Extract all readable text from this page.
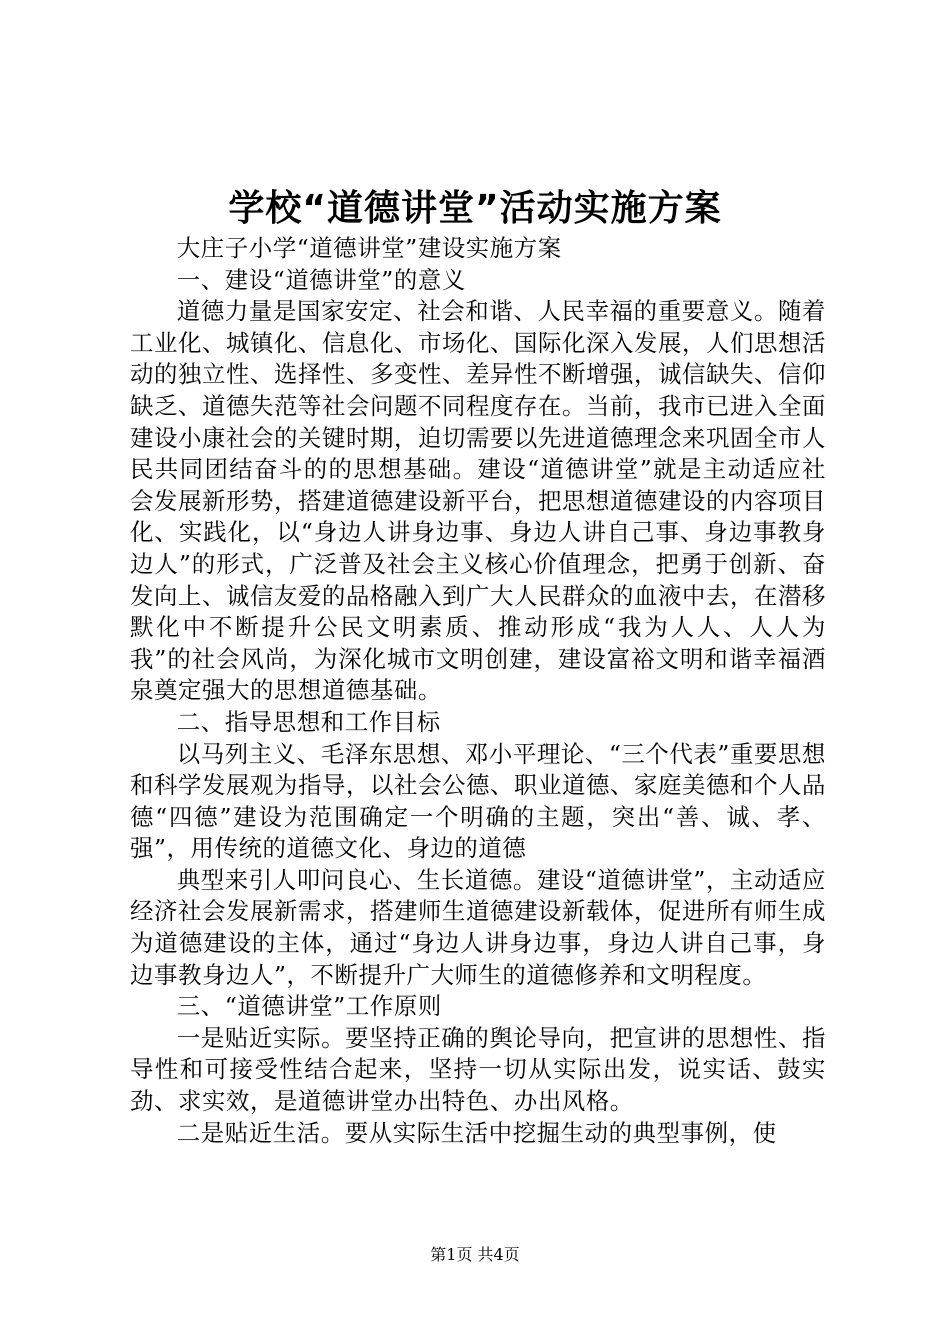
学校“道德讲堂”活动实施方案

大庄子小学“道德讲堂”建设实施方案

一、建设“道德讲堂”的意义

道德力量是国家安定、社会和谐、人民幸福的重要意义。随着工业化、城镇化、信息化、市场化、国际化深入发展，人们思想活动的独立性、选择性、多变性、差异性不断增强，诚信缺失、信仰缺乏、道德失范等社会问题不同程度存在。当前，我市已进入全面建设小康社会的关键时期，迫切需要以先进道德理念来巩固全市人民共同团结奋斗的的思想基础。建设“道德讲堂”就是主动适应社会发展新形势，搭建道德建设新平台，把思想道德建设的内容项目化、实践化，以“身边人讲身边事、身边人讲自己事、身边事教身边人”的形式，广泛普及社会主义核心价值理念，把勇于创新、奋发向上、诚信友爱的品格融入到广大人民群众的血液中去，在潜移默化中不断提升公民文明素质、推动形成“我为人人、人人为我”的社会风尚，为深化城市文明创建，建设富裕文明和谐幸福酒泉奠定强大的思想道德基础。

二、指导思想和工作目标

以马列主义、毛泽东思想、邓小平理论、“三个代表”重要思想和科学发展观为指导，以社会公德、职业道德、家庭美德和个人品德“四德”建设为范围确定一个明确的主题，突出“善、诚、孝、强”，用传统的道德文化、身边的道德

典型来引人叩问良心、生长道德。建设“道德讲堂”，主动适应经济社会发展新需求，搭建师生道德建设新载体，促进所有师生成为道德建设的主体，通过“身边人讲身边事，身边人讲自己事，身边事教身边人”，不断提升广大师生的道德修养和文明程度。

三、“道德讲堂”工作原则

一是贴近实际。要坚持正确的舆论导向，把宣讲的思想性、指导性和可接受性结合起来，坚持一切从实际出发，说实话、鼓实劲、求实效，是道德讲堂办出特色、办出风格。

二是贴近生活。要从实际生活中挖掘生动的典型事例，使

第1页 共4页
